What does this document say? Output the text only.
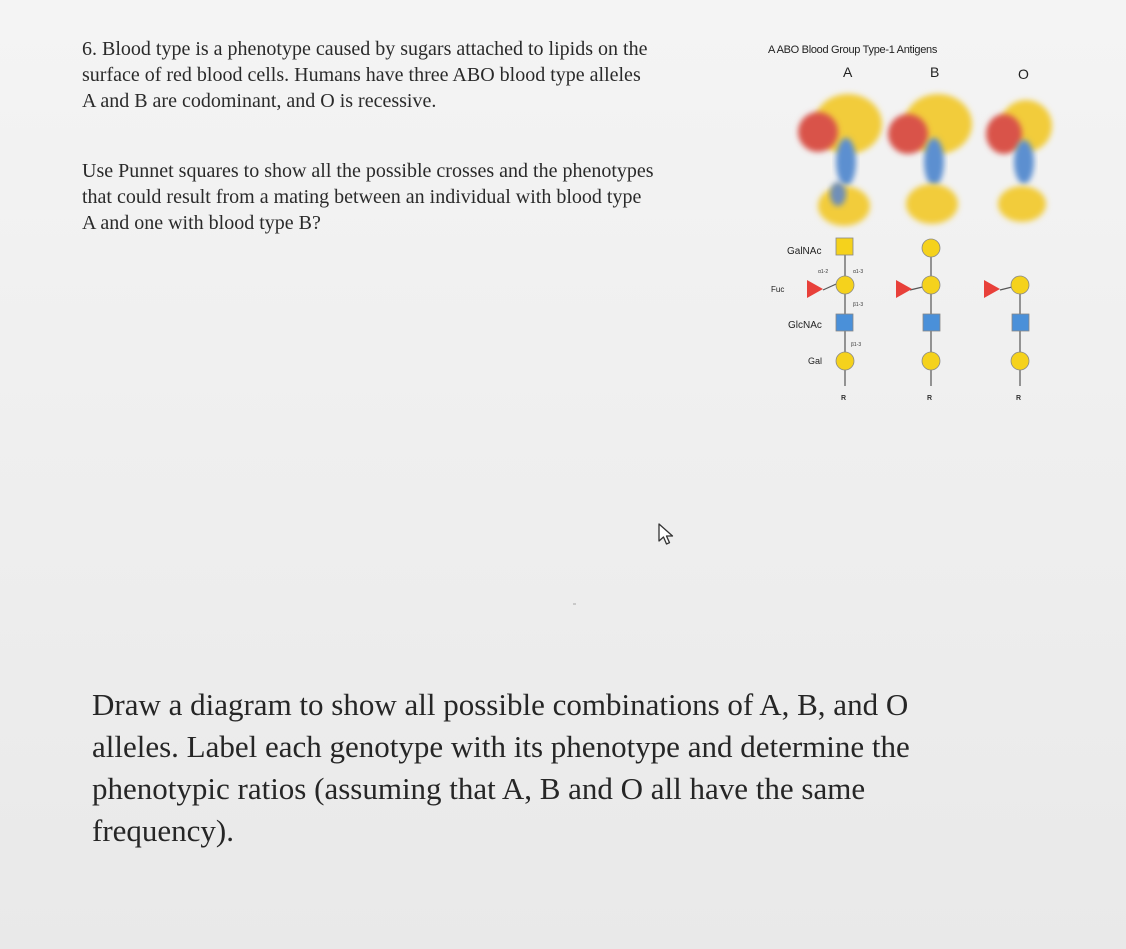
6. Blood type is a phenotype caused by sugars attached to lipids on the
surface of red blood cells. Humans have three ABO blood type alleles
A and B are codominant, and O is recessive.
Use Punnet squares to show all the possible crosses and the phenotypes
that could result from a mating between an individual with blood type
A and one with blood type B?
GalNAc
Fuc
GlcNAc
Gal
α1-2	α1-3
β1-3
β1-3
R	R	R
A ABO Blood Group Type-1 Antigens
A	B	O
Draw a diagram to show all possible combinations of A, B, and O
alleles. Label each genotype with its phenotype and determine the
phenotypic ratios (assuming that A, B and O all have the same
frequency).
